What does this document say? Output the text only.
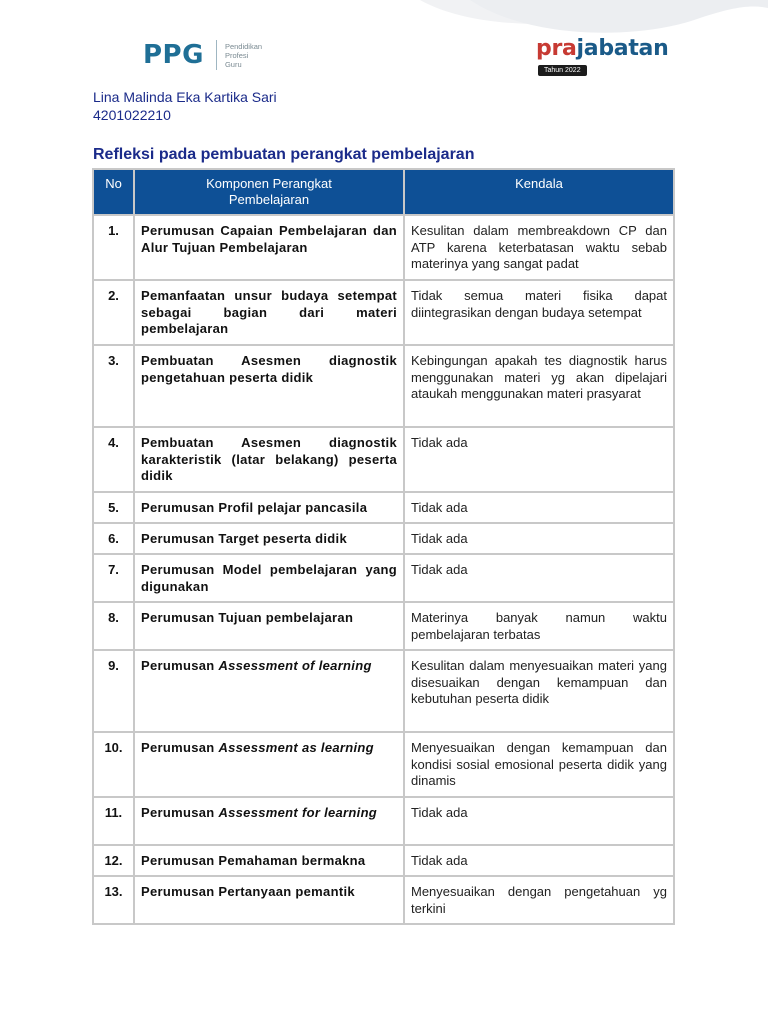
PPG	Pendidikan
Profesi
Guru
prajabatan
Tahun 2022
Lina Malinda Eka Kartika Sari
4201022210
Refleksi pada pembuatan perangkat pembelajaran
No	Komponen Perangkat Pembelajaran	Kendala
1.	Perumusan Capaian Pembelajaran dan Alur Tujuan Pembelajaran	Kesulitan dalam membreakdown CP dan ATP karena keterbatasan waktu sebab materinya yang sangat padat
2.	Pemanfaatan unsur budaya setempat sebagai bagian dari materi pembelajaran	Tidak semua materi fisika dapat diintegrasikan dengan budaya setempat
3.	Pembuatan Asesmen diagnostik pengetahuan peserta didik	Kebingungan apakah tes diagnostik harus menggunakan materi yg akan dipelajari ataukah menggunakan materi prasyarat
4.	Pembuatan Asesmen diagnostik karakteristik (latar belakang) peserta didik	Tidak ada
5.	Perumusan Profil pelajar pancasila	Tidak ada
6.	Perumusan Target peserta didik	Tidak ada
7.	Perumusan Model pembelajaran yang digunakan	Tidak ada
8.	Perumusan Tujuan pembelajaran	Materinya banyak namun waktu pembelajaran terbatas
9.	Perumusan Assessment of learning	Kesulitan dalam menyesuaikan materi yang disesuaikan dengan kemampuan dan kebutuhan peserta didik
10.	Perumusan Assessment as learning	Menyesuaikan dengan kemampuan dan kondisi sosial emosional peserta didik yang dinamis
11.	Perumusan Assessment for learning	Tidak ada
12.	Perumusan Pemahaman bermakna	Tidak ada
13.	Perumusan Pertanyaan pemantik	Menyesuaikan dengan pengetahuan yg terkini
